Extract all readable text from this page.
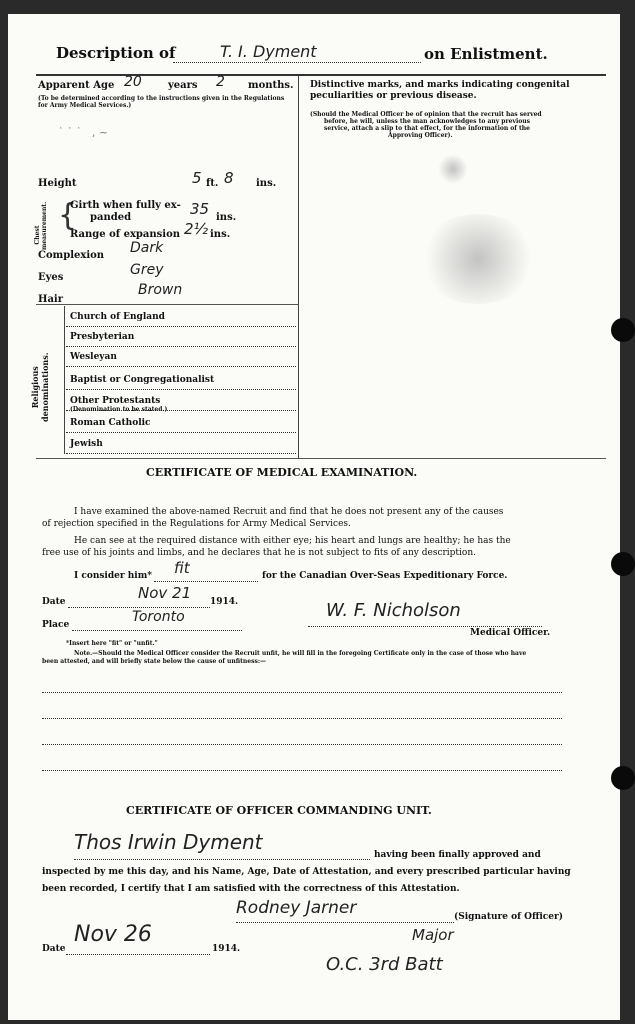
Description of	T. I. Dyment	on Enlistment.
Apparent Age 20	years 2 months.
(To be determined according to the instructions given in the Regulations for Army Medical Services.)
˙ ˙ ˙   , ~
Height	5 ft. 8 ins.
Chest measurement. {
Girth when fully ex-
panded	35 ins.
Range of expansion 2½ ins.
Complexion Dark
Eyes	Grey
Hair
Brown
Religious denominations.
Church of England
Presbyterian
Wesleyan
Baptist or Congregationalist
Other Protestants
(Denomination to be stated.)
Roman Catholic
Jewish
Distinctive marks, and marks indicating congenital
peculiarities or previous disease.
(Should the Medical Officer be of opinion that the recruit has served
before, he will, unless the man acknowledges to any previous
service, attach a slip to that effect, for the information of the
Approving Officer).
CERTIFICATE OF MEDICAL EXAMINATION.
I have examined the above-named Recruit and find that he does not present any of the causes
of rejection specified in the Regulations for Army Medical Services.
He can see at the required distance with either eye; his heart and lungs are healthy; he has the
free use of his joints and limbs, and he declares that he is not subject to fits of any description.
I consider him* fit	for the Canadian Over-Seas Expeditionary Force.
Date	Nov 21 1914.
Place	Toronto	W. F. Nicholson
Medical Officer.
*Insert here "fit" or "unfit."
Note.—Should the Medical Officer consider the Recruit unfit, he will fill in the foregoing Certificate only in the case of those who have
been attested, and will briefly state below the cause of unfitness:—
CERTIFICATE OF OFFICER COMMANDING UNIT.
Thos Irwin Dyment
having been finally approved and
inspected by me this day, and his Name, Age, Date of Attestation, and every prescribed particular having
been recorded, I certify that I am satisfied with the correctness of this Attestation.
Rodney Jarner	(Signature of Officer)
Date
Nov 26
1914.
Major
O.C. 3rd Batt
